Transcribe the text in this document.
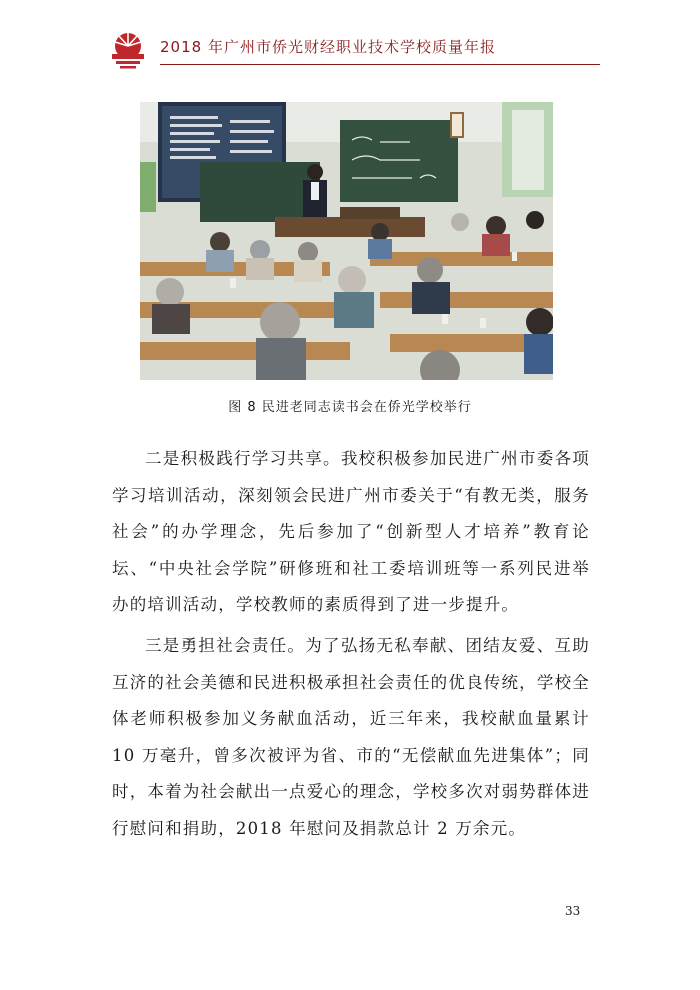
2018 年广州市侨光财经职业技术学校质量年报
图 8 民进老同志读书会在侨光学校举行

二是积极践行学习共享。我校积极参加民进广州市委各项学习培训活动，深刻领会民进广州市委关于“有教无类，服务社会”的办学理念，先后参加了“创新型人才培养”教育论坛、“中央社会学院”研修班和社工委培训班等一系列民进举办的培训活动，学校教师的素质得到了进一步提升。

三是勇担社会责任。为了弘扬无私奉献、团结友爱、互助互济的社会美德和民进积极承担社会责任的优良传统，学校全体老师积极参加义务献血活动，近三年来，我校献血量累计 10 万毫升，曾多次被评为省、市的“无偿献血先进集体”；同时，本着为社会献出一点爱心的理念，学校多次对弱势群体进行慰问和捐助，2018 年慰问及捐款总计 2 万余元。

33
